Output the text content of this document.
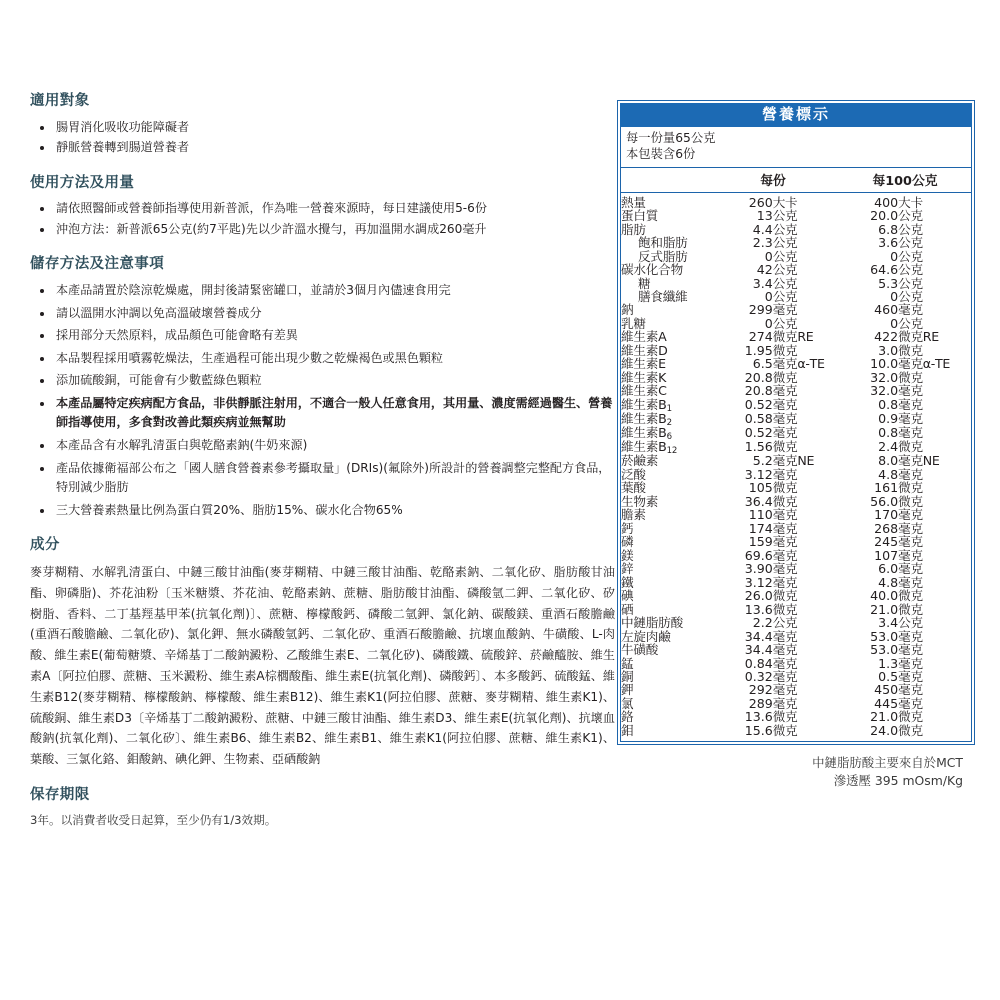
適用對象
腸胃消化吸收功能障礙者
靜脈營養轉到腸道營養者
使用方法及用量
請依照醫師或營養師指導使用新普派，作為唯一營養來源時，每日建議使用5-6份
沖泡方法：新普派65公克(約7平匙)先以少許溫水攪勻，再加溫開水調成260毫升
儲存方法及注意事項
本產品請置於陰涼乾燥處，開封後請緊密罐口，並請於3個月內儘速食用完
請以溫開水沖調以免高溫破壞營養成分
採用部分天然原料，成品顏色可能會略有差異
本品製程採用噴霧乾燥法，生產過程可能出現少數之乾燥褐色或黑色顆粒
添加硫酸銅，可能會有少數藍綠色顆粒
本產品屬特定疾病配方食品，非供靜脈注射用，不適合一般人任意食用，其用量、濃度需經過醫生、營養師指導使用，多食對改善此類疾病並無幫助
本產品含有水解乳清蛋白與乾酪素鈉(牛奶來源)
產品依據衛福部公布之「國人膳食營養素參考攝取量」(DRIs)(氟除外)所設計的營養調整完整配方食品，特別減少脂肪
三大營養素熱量比例為蛋白質20%、脂肪15%、碳水化合物65%
成分

麥芽糊精、水解乳清蛋白、中鏈三酸甘油酯(麥芽糊精、中鏈三酸甘油酯、乾酪素鈉、二氧化矽、脂肪酸甘油酯、卵磷脂)、芥花油粉〔玉米糖漿、芥花油、乾酪素鈉、蔗糖、脂肪酸甘油酯、磷酸氫二鉀、二氧化矽、矽樹脂、香料、二丁基羥基甲苯(抗氧化劑)〕、蔗糖、檸檬酸鈣、磷酸二氫鉀、氯化鈉、碳酸鎂、重酒石酸膽鹼(重酒石酸膽鹼、二氧化矽)、氯化鉀、無水磷酸氫鈣、二氧化矽、重酒石酸膽鹼、抗壞血酸鈉、牛磺酸、L-肉酸、維生素E(葡萄糖漿、辛烯基丁二酸鈉澱粉、乙酸維生素E、二氧化矽)、磷酸鐵、硫酸鋅、菸鹼醯胺、維生素A〔阿拉伯膠、蔗糖、玉米澱粉、維生素A棕櫚酸酯、維生素E(抗氧化劑)、磷酸鈣〕、本多酸鈣、硫酸錳、維生素B12(麥芽糊精、檸檬酸鈉、檸檬酸、維生素B12)、維生素K1(阿拉伯膠、蔗糖、麥芽糊精、維生素K1)、硫酸銅、維生素D3〔辛烯基丁二酸鈉澱粉、蔗糖、中鏈三酸甘油酯、維生素D3、維生素E(抗氧化劑)、抗壞血酸鈉(抗氧化劑)、二氧化矽〕、維生素B6、維生素B2、維生素B1、維生素K1(阿拉伯膠、蔗糖、維生素K1)、葉酸、三氯化鉻、鉬酸鈉、碘化鉀、生物素、亞硒酸鈉

保存期限

3年。以消費者收受日起算，至少仍有1/3效期。

營養標示
每一份量65公克
本包裝含6份
每份	每100公克
熱量	260	大卡	400	大卡
蛋白質	13	公克	20.0	公克
脂肪	4.4	公克	6.8	公克
飽和脂肪	2.3	公克	3.6	公克
反式脂肪	0	公克	0	公克
碳水化合物	42	公克	64.6	公克
糖	3.4	公克	5.3	公克
膳食纖維	0	公克	0	公克
鈉	299	毫克	460	毫克
乳糖	0	公克	0	公克
維生素A	274	微克RE	422	微克RE
維生素D	1.95	微克	3.0	微克
維生素E	6.5	毫克α-TE	10.0	毫克α-TE
維生素K	20.8	微克	32.0	微克
維生素C	20.8	毫克	32.0	毫克
維生素B1	0.52	毫克	0.8	毫克
維生素B2	0.58	毫克	0.9	毫克
維生素B6	0.52	毫克	0.8	毫克
維生素B12	1.56	微克	2.4	微克
菸鹼素	5.2	毫克NE	8.0	毫克NE
泛酸	3.12	毫克	4.8	毫克
葉酸	105	微克	161	微克
生物素	36.4	微克	56.0	微克
膽素	110	毫克	170	毫克
鈣	174	毫克	268	毫克
磷	159	毫克	245	毫克
鎂	69.6	毫克	107	毫克
鋅	3.90	毫克	6.0	毫克
鐵	3.12	毫克	4.8	毫克
碘	26.0	微克	40.0	微克
硒	13.6	微克	21.0	微克
中鏈脂肪酸	2.2	公克	3.4	公克
左旋肉鹼	34.4	毫克	53.0	毫克
牛磺酸	34.4	毫克	53.0	毫克
錳	0.84	毫克	1.3	毫克
銅	0.32	毫克	0.5	毫克
鉀	292	毫克	450	毫克
氯	289	毫克	445	毫克
鉻	13.6	微克	21.0	微克
鉬	15.6	微克	24.0	微克
中鏈脂肪酸主要來自於MCT
滲透壓 395 mOsm/Kg
